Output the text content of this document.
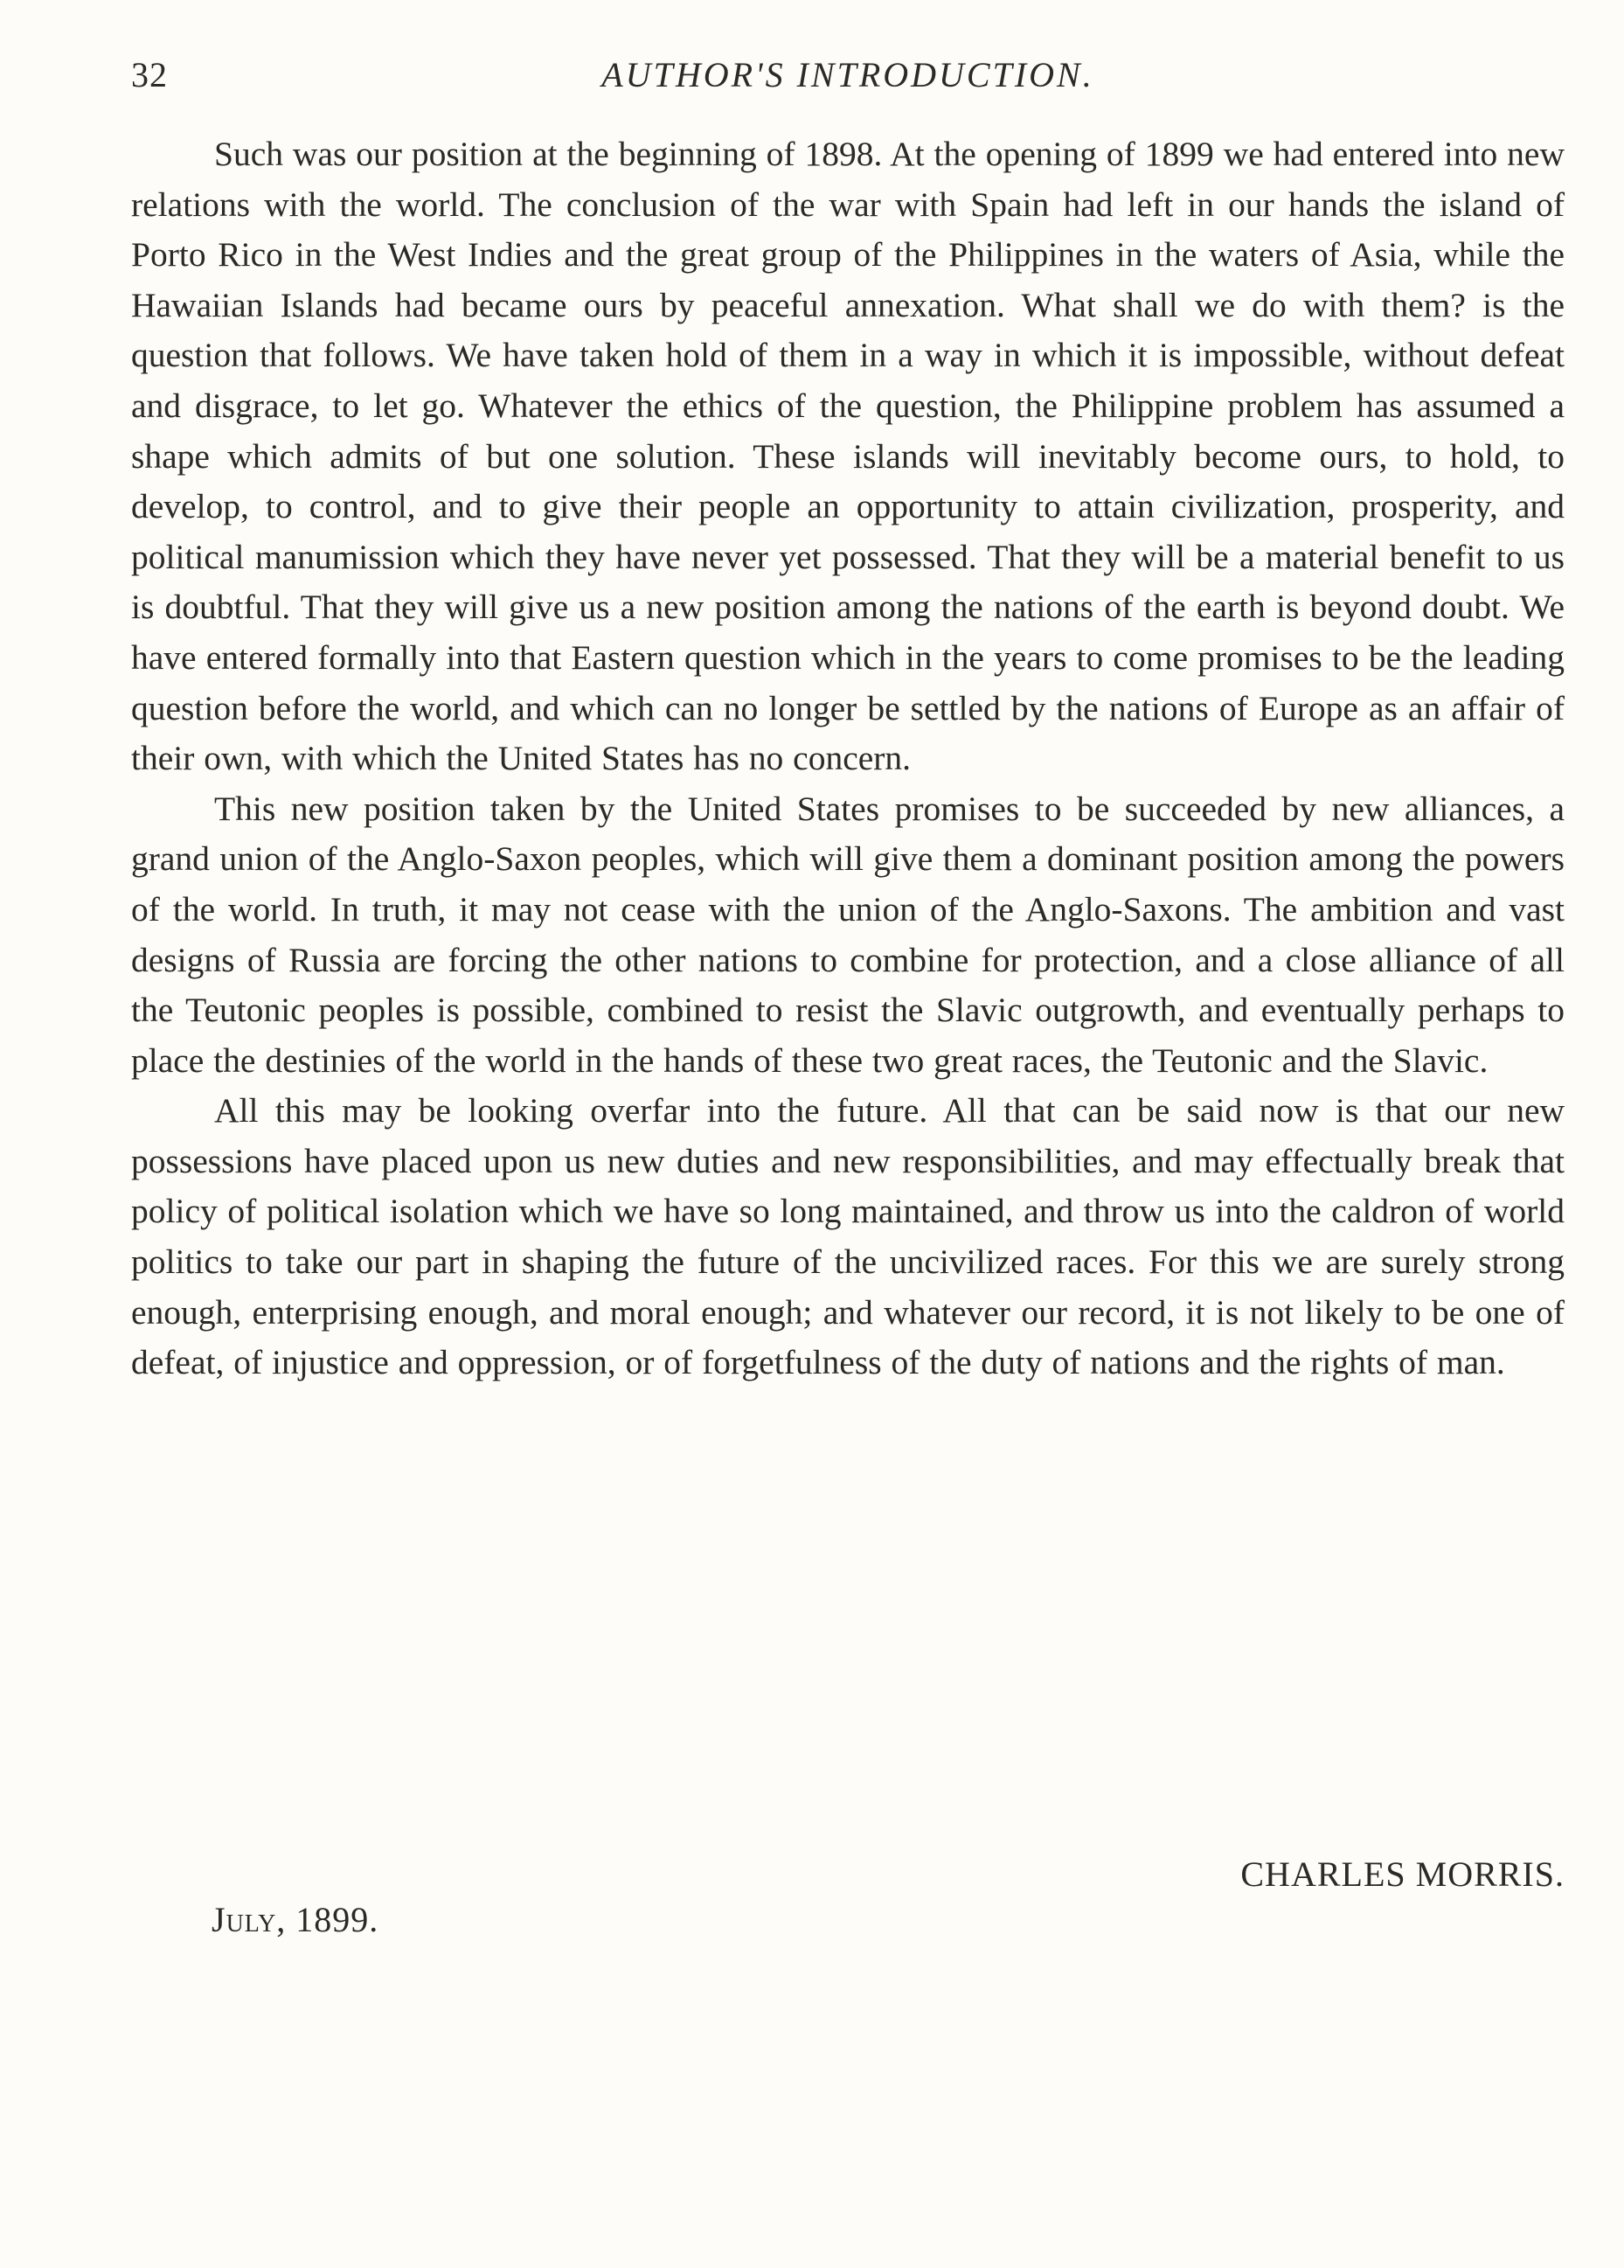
32	AUTHOR'S INTRODUCTION.

Such was our position at the beginning of 1898. At the opening of 1899 we had entered into new relations with the world. The conclusion of the war with Spain had left in our hands the island of Porto Rico in the West Indies and the great group of the Philippines in the waters of Asia, while the Hawaiian Islands had became ours by peaceful annexation. What shall we do with them? is the question that follows. We have taken hold of them in a way in which it is impossible, without defeat and disgrace, to let go. Whatever the ethics of the question, the Philippine problem has assumed a shape which admits of but one solution. These islands will inevitably become ours, to hold, to develop, to control, and to give their people an opportunity to attain civilization, prosperity, and political manumission which they have never yet possessed. That they will be a material benefit to us is doubtful. That they will give us a new position among the nations of the earth is beyond doubt. We have entered formally into that Eastern question which in the years to come promises to be the leading question before the world, and which can no longer be settled by the nations of Europe as an affair of their own, with which the United States has no concern.

This new position taken by the United States promises to be succeeded by new alliances, a grand union of the Anglo-Saxon peoples, which will give them a dominant position among the powers of the world. In truth, it may not cease with the union of the Anglo-Saxons. The ambition and vast designs of Russia are forcing the other nations to combine for protection, and a close alliance of all the Teutonic peoples is possible, combined to resist the Slavic outgrowth, and eventually perhaps to place the destinies of the world in the hands of these two great races, the Teutonic and the Slavic.

All this may be looking overfar into the future. All that can be said now is that our new possessions have placed upon us new duties and new responsibilities, and may effectually break that policy of political isolation which we have so long maintained, and throw us into the caldron of world politics to take our part in shaping the future of the uncivilized races. For this we are surely strong enough, enterprising enough, and moral enough; and whatever our record, it is not likely to be one of defeat, of injustice and oppression, or of forgetfulness of the duty of nations and the rights of man.

CHARLES MORRIS.
July, 1899.
